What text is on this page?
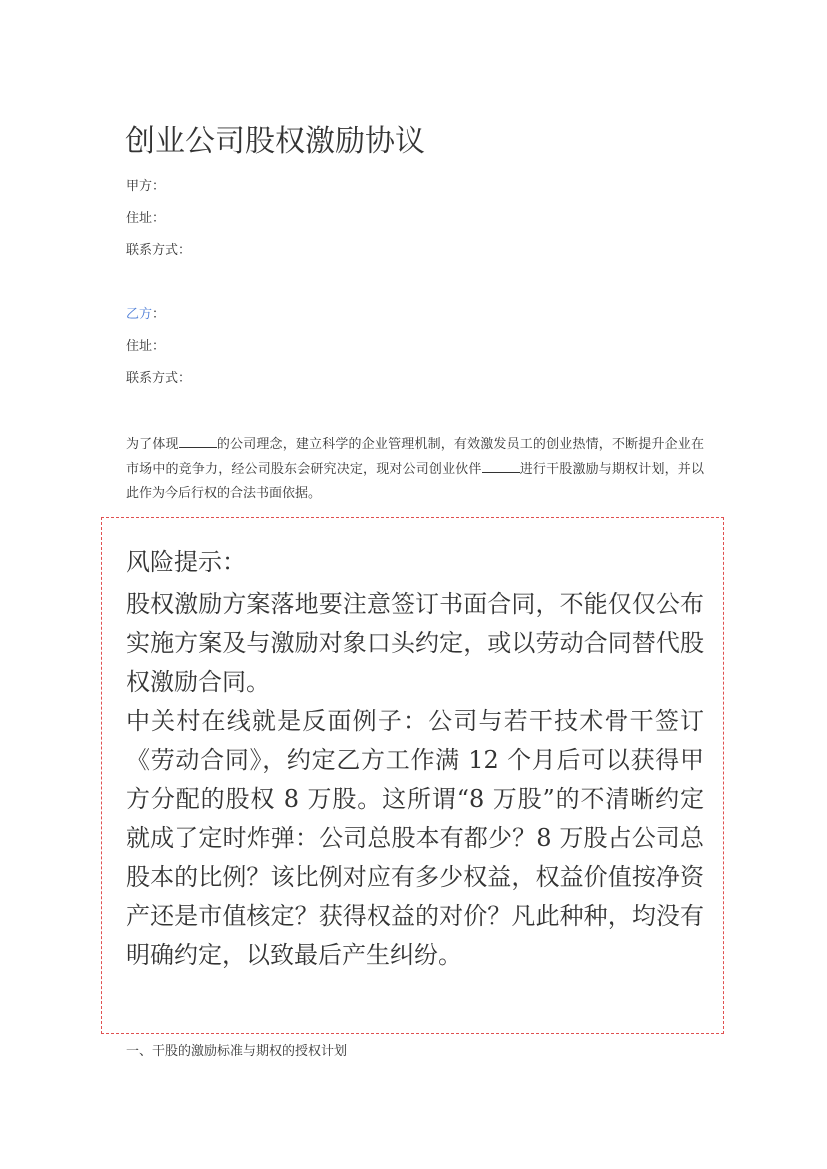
创业公司股权激励协议
甲方：
住址：
联系方式：
乙方：
住址：
联系方式：
为了体现	的公司理念，建立科学的企业管理机制，有效激发员工的创业热情，不断提升企业在市场中的竞争力，经公司股东会研究决定，现对公司创业伙伴	进行干股激励与期权计划，并以此作为今后行权的合法书面依据。
风险提示：

股权激励方案落地要注意签订书面合同，不能仅仅公布实施方案及与激励对象口头约定，或以劳动合同替代股权激励合同。

中关村在线就是反面例子：公司与若干技术骨干签订《劳动合同》，约定乙方工作满 12 个月后可以获得甲方分配的股权 8 万股。这所谓“8 万股”的不清晰约定就成了定时炸弹：公司总股本有都少？8 万股占公司总股本的比例？该比例对应有多少权益，权益价值按净资产还是市值核定？获得权益的对价？凡此种种，均没有明确约定，以致最后产生纠纷。

一、干股的激励标准与期权的授权计划
